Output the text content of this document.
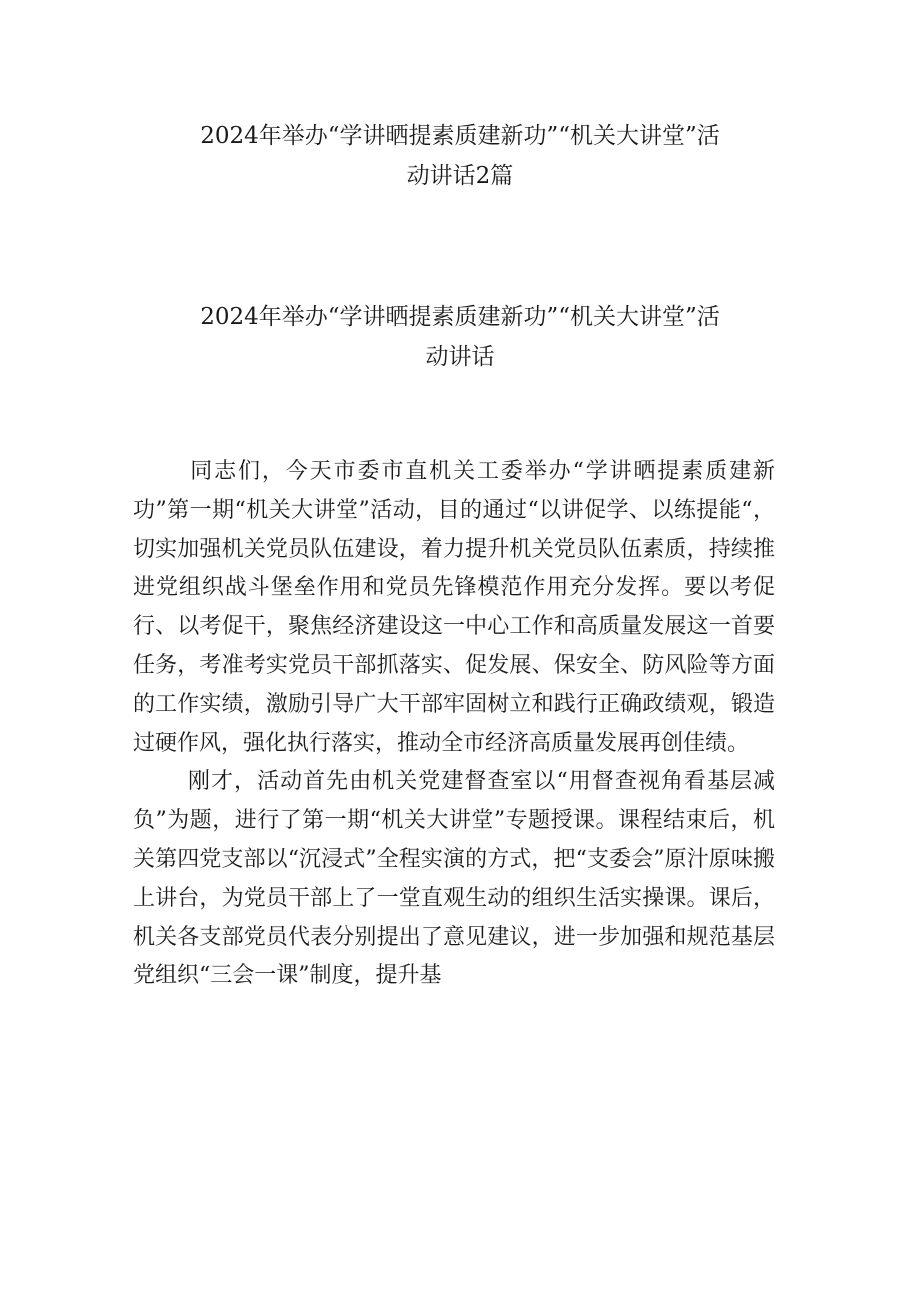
2024年举办“学讲晒提素质建新功”“机关大讲堂”活
动讲话2篇
2024年举办“学讲晒提素质建新功”“机关大讲堂”活
动讲话

同志们，今天市委市直机关工委举办“学讲晒提素质建新功”第一期“机关大讲堂”活动，目的通过“以讲促学、以练提能“，切实加强机关党员队伍建设，着力提升机关党员队伍素质，持续推进党组织战斗堡垒作用和党员先锋模范作用充分发挥。要以考促行、以考促干，聚焦经济建设这一中心工作和高质量发展这一首要任务，考准考实党员干部抓落实、促发展、保安全、防风险等方面的工作实绩，激励引导广大干部牢固树立和践行正确政绩观，锻造过硬作风，强化执行落实，推动全市经济高质量发展再创佳绩。

刚才，活动首先由机关党建督查室以“用督查视角看基层减负”为题，进行了第一期“机关大讲堂”专题授课。课程结束后，机关第四党支部以“沉浸式”全程实演的方式，把“支委会”原汁原味搬上讲台，为党员干部上了一堂直观生动的组织生活实操课。课后，机关各支部党员代表分别提出了意见建议，进一步加强和规范基层党组织“三会一课”制度，提升基
